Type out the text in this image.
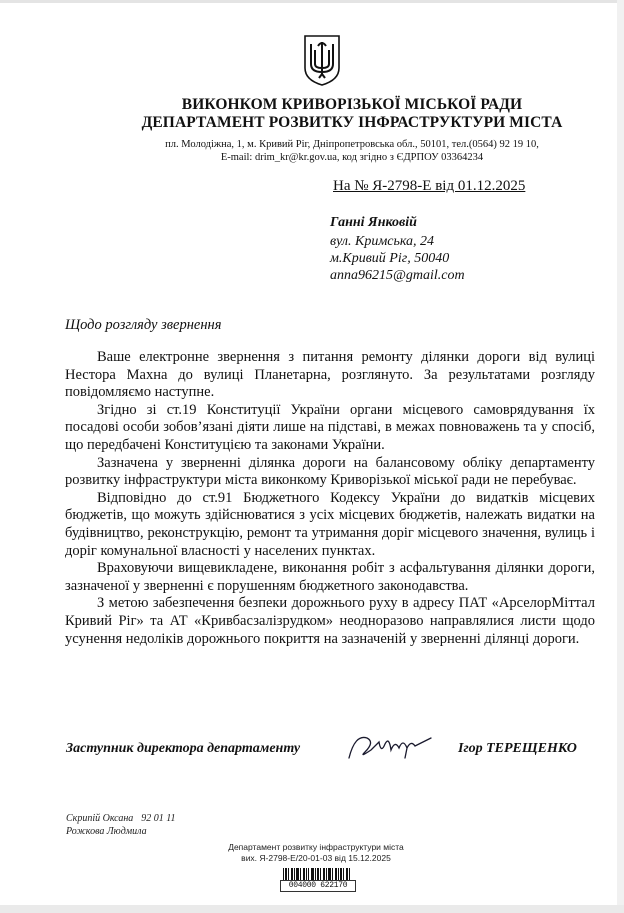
ВИКОНКОМ КРИВОРІЗЬКОЇ МІСЬКОЇ РАДИ
ДЕПАРТАМЕНТ РОЗВИТКУ ІНФРАСТРУКТУРИ МІСТА
пл. Молодіжна, 1, м. Кривий Ріг, Дніпропетровська обл., 50101, тел.(0564) 92 19 10,
E-mail: drim_kr@kr.gov.ua, код згідно з ЄДРПОУ 03364234
На № Я-2798-Е від 01.12.2025
Ганні Янковій
вул. Кримська, 24
м.Кривий Ріг, 50040
anna96215@gmail.com
Щодо розгляду звернення

Ваше електронне звернення з питання ремонту ділянки дороги від вулиці Нестора Махна до вулиці Планетарна, розглянуто. За результатами розгляду повідомляємо наступне.

Згідно зі ст.19 Конституції України органи місцевого самоврядування їх посадові особи зобов’язані діяти лише на підставі, в межах повноважень та у спосіб, що передбачені Конституцією та законами України.

Зазначена у зверненні ділянка дороги на балансовому обліку департаменту розвитку інфраструктури міста виконкому Криворізької міської ради не перебуває.

Відповідно до ст.91 Бюджетного Кодексу України до видатків місцевих бюджетів, що можуть здійснюватися з усіх місцевих бюджетів, належать видатки на будівництво, реконструкцію, ремонт та утримання доріг місцевого значення, вулиць і доріг комунальної власності у населених пунктах.

Враховуючи вищевикладене, виконання робіт з асфальтування ділянки дороги, зазначеної у зверненні є порушенням бюджетного законодавства.

З метою забезпечення безпеки дорожнього руху в адресу ПАТ «АрселорМіттал Кривий Ріг» та АТ «Кривбасзалізрудком» неодноразово направлялися листи щодо усунення недоліків дорожнього покриття на зазначеній у зверненні ділянці дороги.

Заступник директора департаменту	Ігор ТЕРЕЩЕНКО
Скрипій Оксана 92 01 11
Рожкова Людмила
Департамент розвитку інфраструктури міста
вих. Я-2798-Е/20-01-03 від 15.12.2025
004000 622170
